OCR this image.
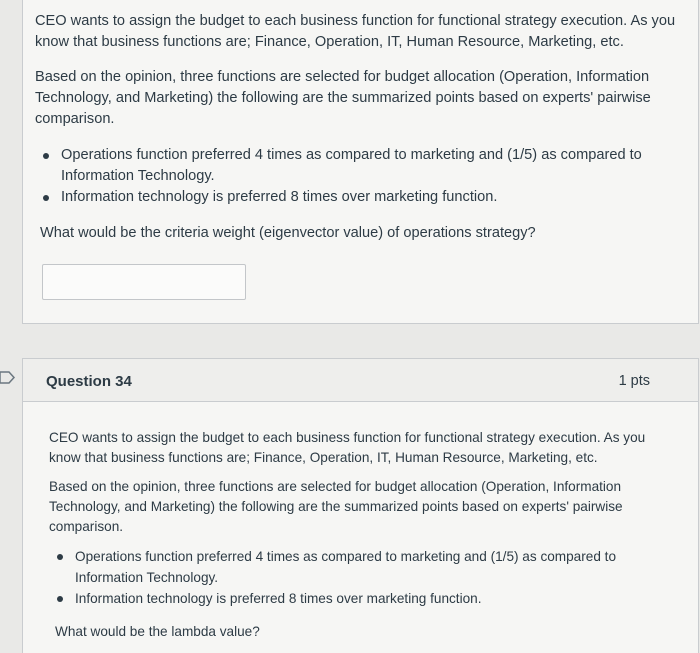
CEO wants to assign the budget to each business function for functional strategy execution. As you know that business functions are; Finance, Operation, IT, Human Resource, Marketing, etc.
Based on the opinion, three functions are selected for budget allocation (Operation, Information Technology, and Marketing) the following are the summarized points based on experts' pairwise comparison.
Operations function preferred 4 times as compared to marketing and (1/5) as compared to Information Technology.
Information technology is preferred 8 times over marketing function.
What would be the criteria weight (eigenvector value) of operations strategy?
Question 34	1 pts
CEO wants to assign the budget to each business function for functional strategy execution. As you know that business functions are; Finance, Operation, IT, Human Resource, Marketing, etc.
Based on the opinion, three functions are selected for budget allocation (Operation, Information Technology, and Marketing) the following are the summarized points based on experts' pairwise comparison.
Operations function preferred 4 times as compared to marketing and (1/5) as compared to Information Technology.
Information technology is preferred 8 times over marketing function.
What would be the lambda value?
